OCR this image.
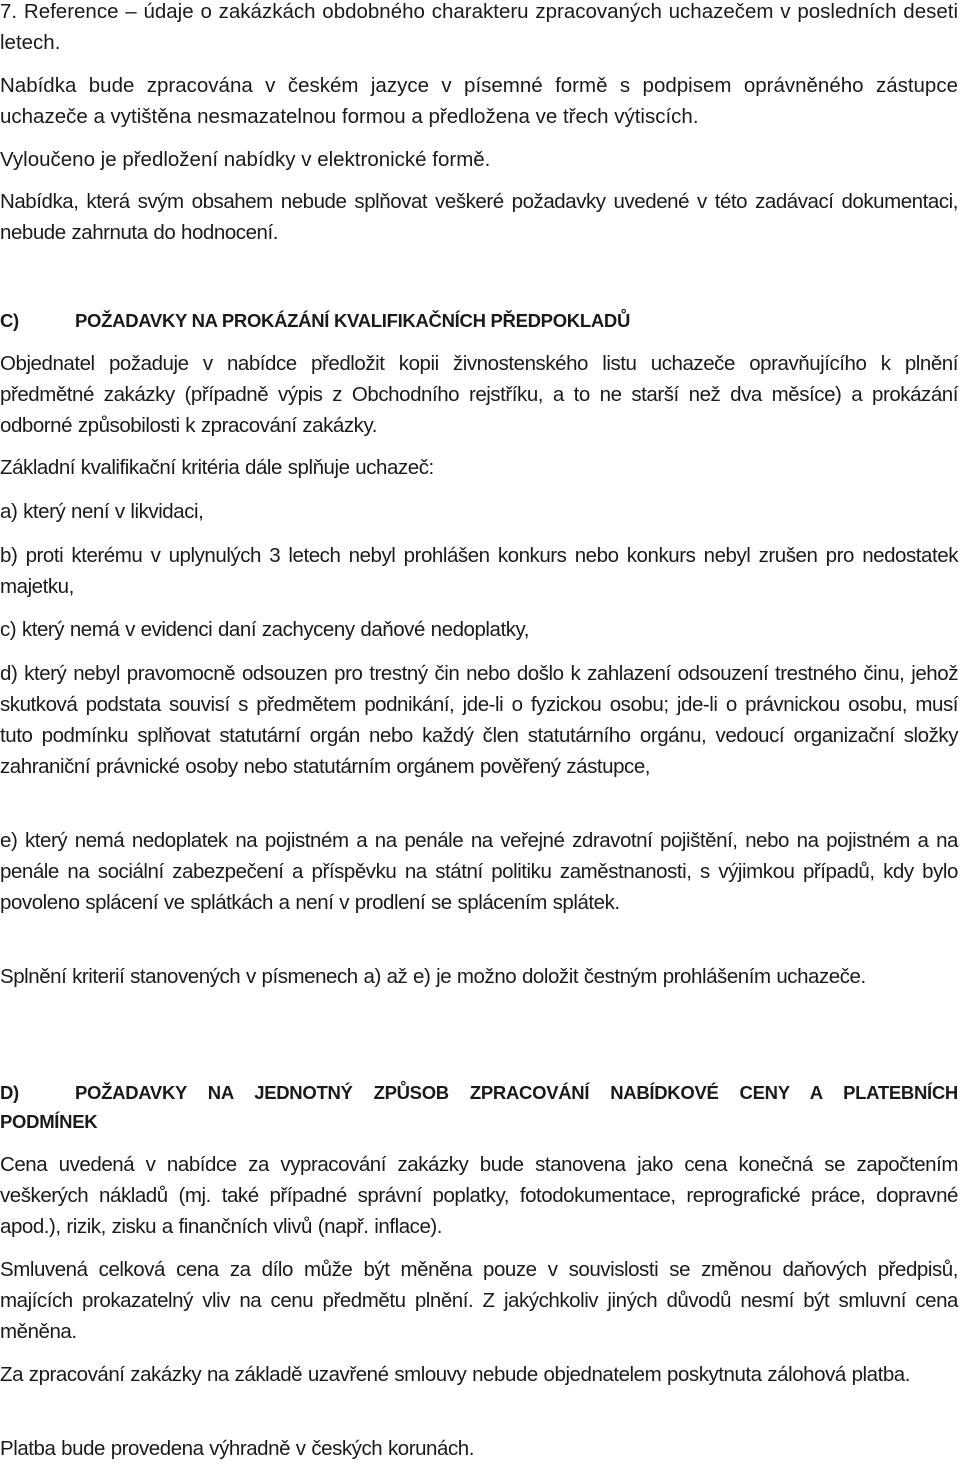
7. Reference – údaje o zakázkách obdobného charakteru zpracovaných uchazečem v posledních deseti letech.

Nabídka bude zpracována v českém jazyce v písemné formě s podpisem oprávněného zástupce uchazeče a vytištěna nesmazatelnou formou a předložena ve třech výtiscích.

Vyloučeno je předložení nabídky v elektronické formě.

Nabídka, která svým obsahem nebude splňovat veškeré požadavky uvedené v této zadávací dokumentaci, nebude zahrnuta do hodnocení.

C)	POŽADAVKY NA PROKÁZÁNÍ KVALIFIKAČNÍCH PŘEDPOKLADŮ

Objednatel požaduje v nabídce předložit kopii živnostenského listu uchazeče opravňujícího k plnění předmětné zakázky (případně výpis z Obchodního rejstříku, a to ne starší než dva měsíce) a prokázání odborné způsobilosti k zpracování zakázky.

Základní kvalifikační kritéria dále splňuje uchazeč:

a) který není v likvidaci,

b) proti kterému v uplynulých 3 letech nebyl prohlášen konkurs nebo konkurs nebyl zrušen pro nedostatek majetku,

c) který nemá v evidenci daní zachyceny daňové nedoplatky,

d) který nebyl pravomocně odsouzen pro trestný čin nebo došlo k zahlazení odsouzení trestného činu, jehož skutková podstata souvisí s předmětem podnikání, jde-li o fyzickou osobu; jde-li o právnickou osobu, musí tuto podmínku splňovat statutární orgán nebo každý člen statutárního orgánu, vedoucí organizační složky zahraniční právnické osoby nebo statutárním orgánem pověřený zástupce,

e) který nemá nedoplatek na pojistném a na penále na veřejné zdravotní pojištění, nebo na pojistném a na penále na sociální zabezpečení a příspěvku na státní politiku zaměstnanosti, s výjimkou případů, kdy bylo povoleno splácení ve splátkách a není v prodlení se splácením splátek.

Splnění kriterií stanovených v písmenech a) až e) je možno doložit čestným prohlášením uchazeče.

D)	POŽADAVKY NA JEDNOTNÝ ZPŮSOB ZPRACOVÁNÍ NABÍDKOVÉ CENY A PLATEBNÍCH
PODMÍNEK

Cena uvedená v nabídce za vypracování zakázky bude stanovena jako cena konečná se započtením veškerých nákladů (mj. také případné správní poplatky, fotodokumentace, reprografické práce, dopravné apod.), rizik, zisku a finančních vlivů (např. inflace).

Smluvená celková cena za dílo může být měněna pouze v souvislosti se změnou daňových předpisů, majících prokazatelný vliv na cenu předmětu plnění. Z jakýchkoliv jiných důvodů nesmí být smluvní cena měněna.

Za zpracování zakázky na základě uzavřené smlouvy nebude objednatelem poskytnuta zálohová platba.

Platba bude provedena výhradně v českých korunách.
